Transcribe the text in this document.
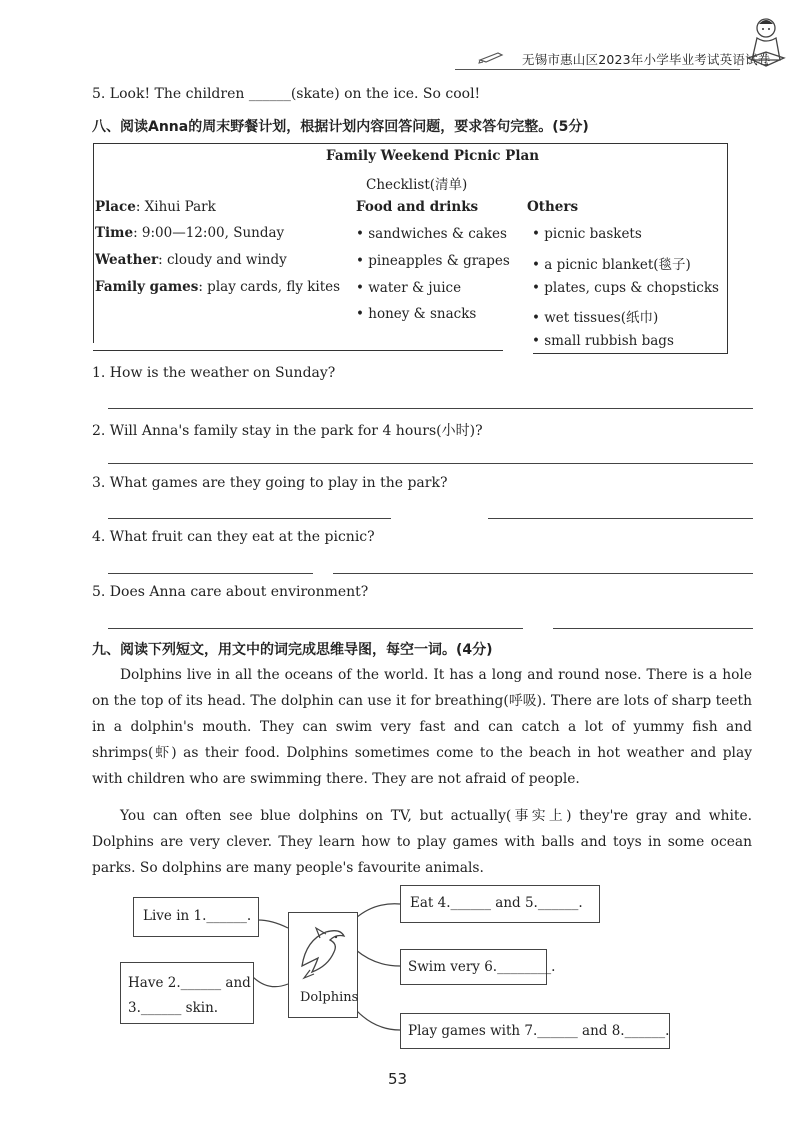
无锡市惠山区2023年小学毕业考试英语试卷
5. Look! The children ______(skate) on the ice. So cool!
八、阅读Anna的周末野餐计划，根据计划内容回答问题，要求答句完整。(5分)
Family Weekend Picnic Plan
Checklist(清单)
Place: Xihui Park
Time: 9:00—12:00, Sunday
Weather: cloudy and windy
Family games: play cards, fly kites
Food and drinks
• sandwiches & cakes
• pineapples & grapes
• water & juice
• honey & snacks
Others
• picnic baskets
• a picnic blanket(毯子)
• plates, cups & chopsticks
• wet tissues(纸巾)
• small rubbish bags
1. How is the weather on Sunday?
2. Will Anna's family stay in the park for 4 hours(小时)?
3. What games are they going to play in the park?
4. What fruit can they eat at the picnic?
5. Does Anna care about environment?
九、阅读下列短文，用文中的词完成思维导图，每空一词。(4分)
Dolphins live in all the oceans of the world. It has a long and round nose. There is a hole on the top of its head. The dolphin can use it for breathing(呼吸). There are lots of sharp teeth in a dolphin's mouth. They can swim very fast and can catch a lot of yummy fish and shrimps(虾) as their food. Dolphins sometimes come to the beach in hot weather and play with children who are swimming there. They are not afraid of people.
You can often see blue dolphins on TV, but actually(事实上) they're gray and white. Dolphins are very clever. They learn how to play games with balls and toys in some ocean parks. So dolphins are many people's favourite animals.
Live in 1.______.
Have 2.______ and
3.______ skin.
Dolphins
Eat 4.______ and 5.______.
Swim very 6.________.
Play games with 7.______ and 8.______.
53
